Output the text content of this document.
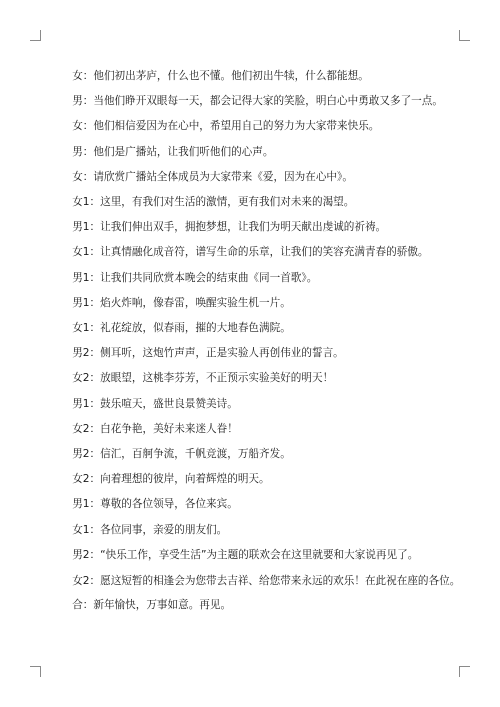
女：他们初出茅庐，什么也不懂。他们初出牛犊，什么都能想。

男：当他们睁开双眼每一天，都会记得大家的笑脸，明白心中勇敢又多了一点。

女：他们相信爱因为在心中，希望用自己的努力为大家带来快乐。

男：他们是广播站，让我们听他们的心声。

女：请欣赏广播站全体成员为大家带来《爱，因为在心中》。

女1：这里，有我们对生活的激情，更有我们对未来的渴望。

男1：让我们伸出双手，拥抱梦想，让我们为明天献出虔诚的祈祷。

女1：让真情融化成音符，谱写生命的乐章，让我们的笑容充满青春的骄傲。

男1：让我们共同欣赏本晚会的结束曲《同一首歌》。

男1：焰火炸响，像春雷，唤醒实验生机一片。

女1：礼花绽放，似春雨，摧的大地春色满院。

男2：侧耳听，这炮竹声声，正是实验人再创伟业的誓言。

女2：放眼望，这桃李芬芳，不正预示实验美好的明天！

男1：鼓乐喧天，盛世良景赞美诗。

女2：白花争艳，美好未来迷人眷！

男2：信汇，百舸争流，千帆竞渡，万船齐发。

女2：向着理想的彼岸，向着辉煌的明天。

男1：尊敬的各位领导，各位来宾。

女1：各位同事，亲爱的朋友们。

男2：“快乐工作，享受生活”为主题的联欢会在这里就要和大家说再见了。

女2：愿这短暂的相逢会为您带去吉祥、给您带来永远的欢乐！在此祝在座的各位。

合：新年愉快，万事如意。再见。
